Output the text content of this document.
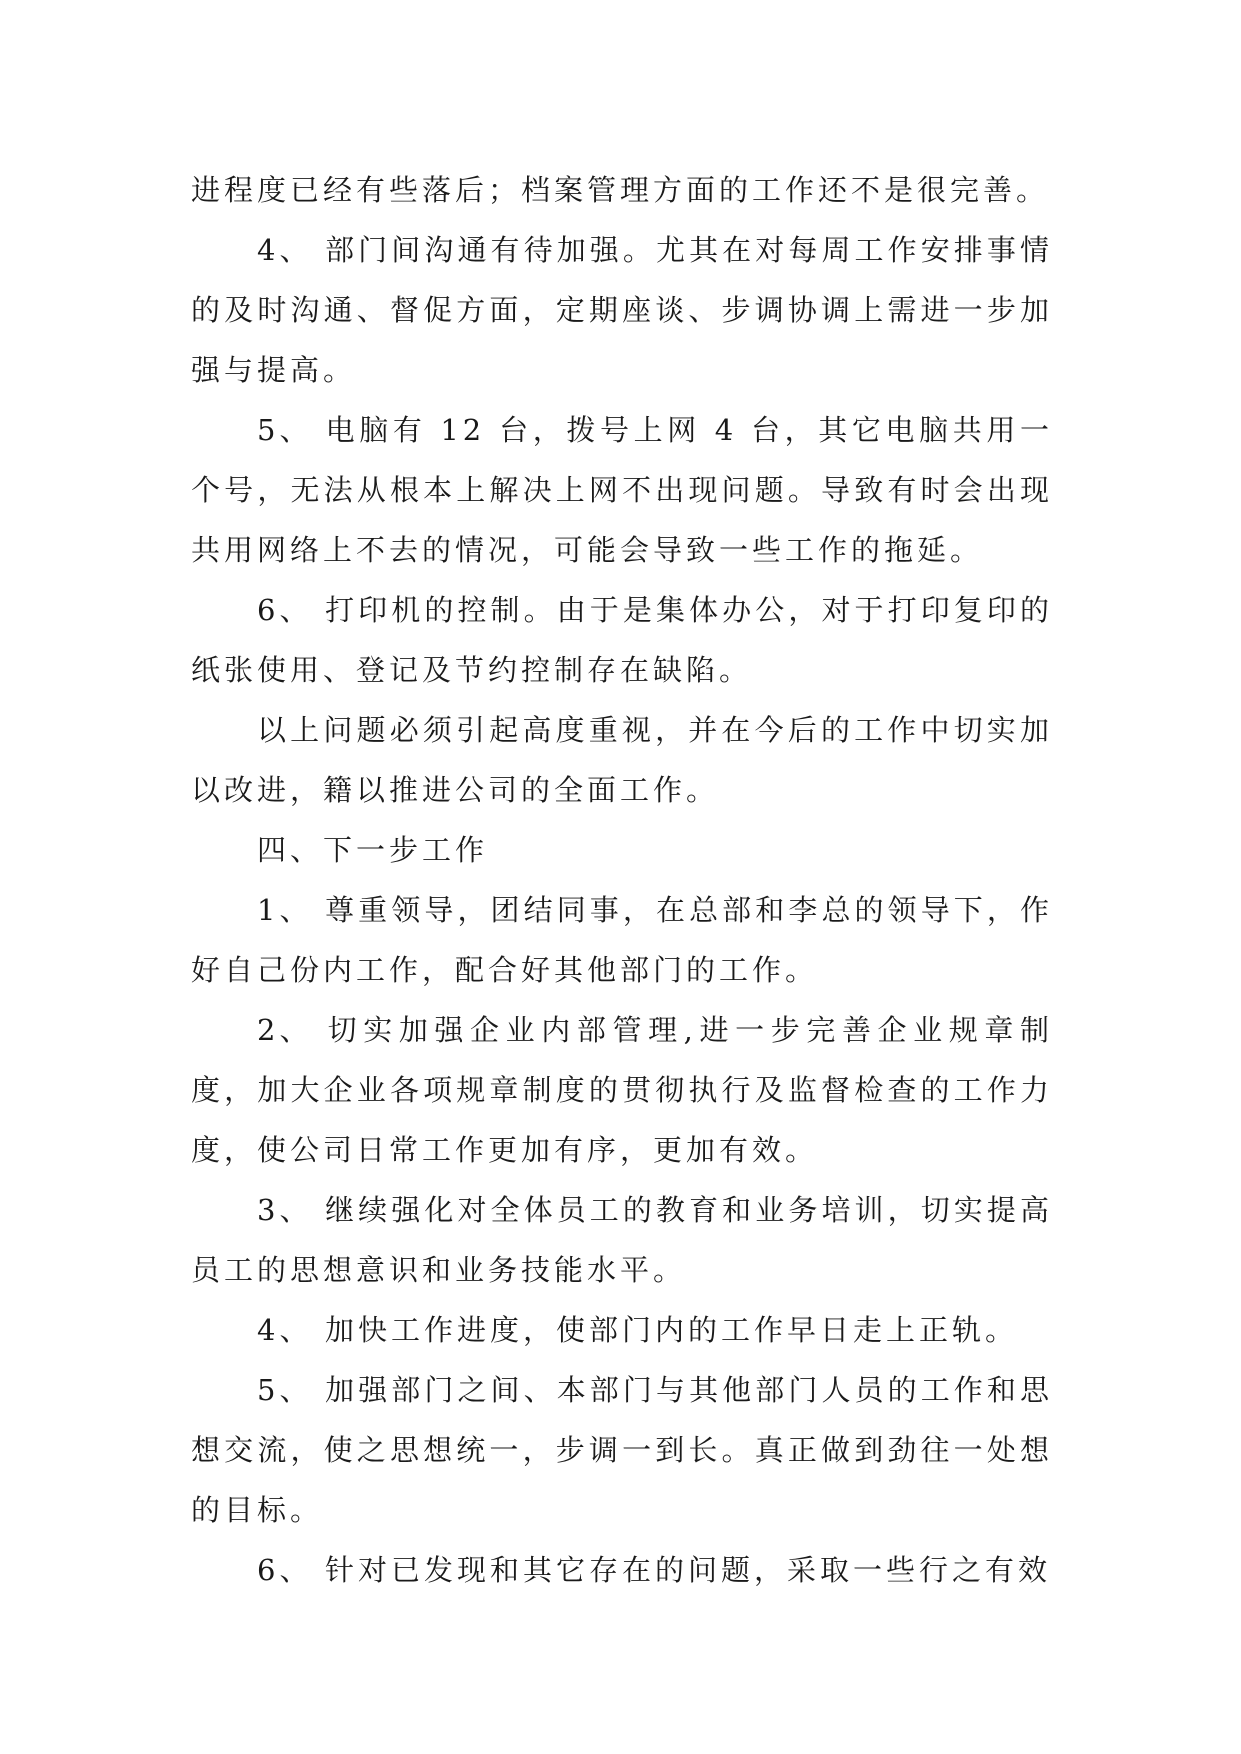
进程度已经有些落后；档案管理方面的工作还不是很完善。

4、 部门间沟通有待加强。尤其在对每周工作安排事情的及时沟通、督促方面，定期座谈、步调协调上需进一步加强与提高。

5、 电脑有 12 台，拨号上网 4 台，其它电脑共用一个号，无法从根本上解决上网不出现问题。导致有时会出现共用网络上不去的情况，可能会导致一些工作的拖延。

6、 打印机的控制。由于是集体办公，对于打印复印的纸张使用、登记及节约控制存在缺陷。

以上问题必须引起高度重视，并在今后的工作中切实加以改进，籍以推进公司的全面工作。

四、下一步工作

1、 尊重领导，团结同事，在总部和李总的领导下，作好自己份内工作，配合好其他部门的工作。

2、 切实加强企业内部管理,进一步完善企业规章制度，加大企业各项规章制度的贯彻执行及监督检查的工作力度，使公司日常工作更加有序，更加有效。

3、 继续强化对全体员工的教育和业务培训，切实提高员工的思想意识和业务技能水平。

4、 加快工作进度，使部门内的工作早日走上正轨。

5、 加强部门之间、本部门与其他部门人员的工作和思想交流，使之思想统一，步调一到长。真正做到劲往一处想的目标。

6、 针对已发现和其它存在的问题，采取一些行之有效
